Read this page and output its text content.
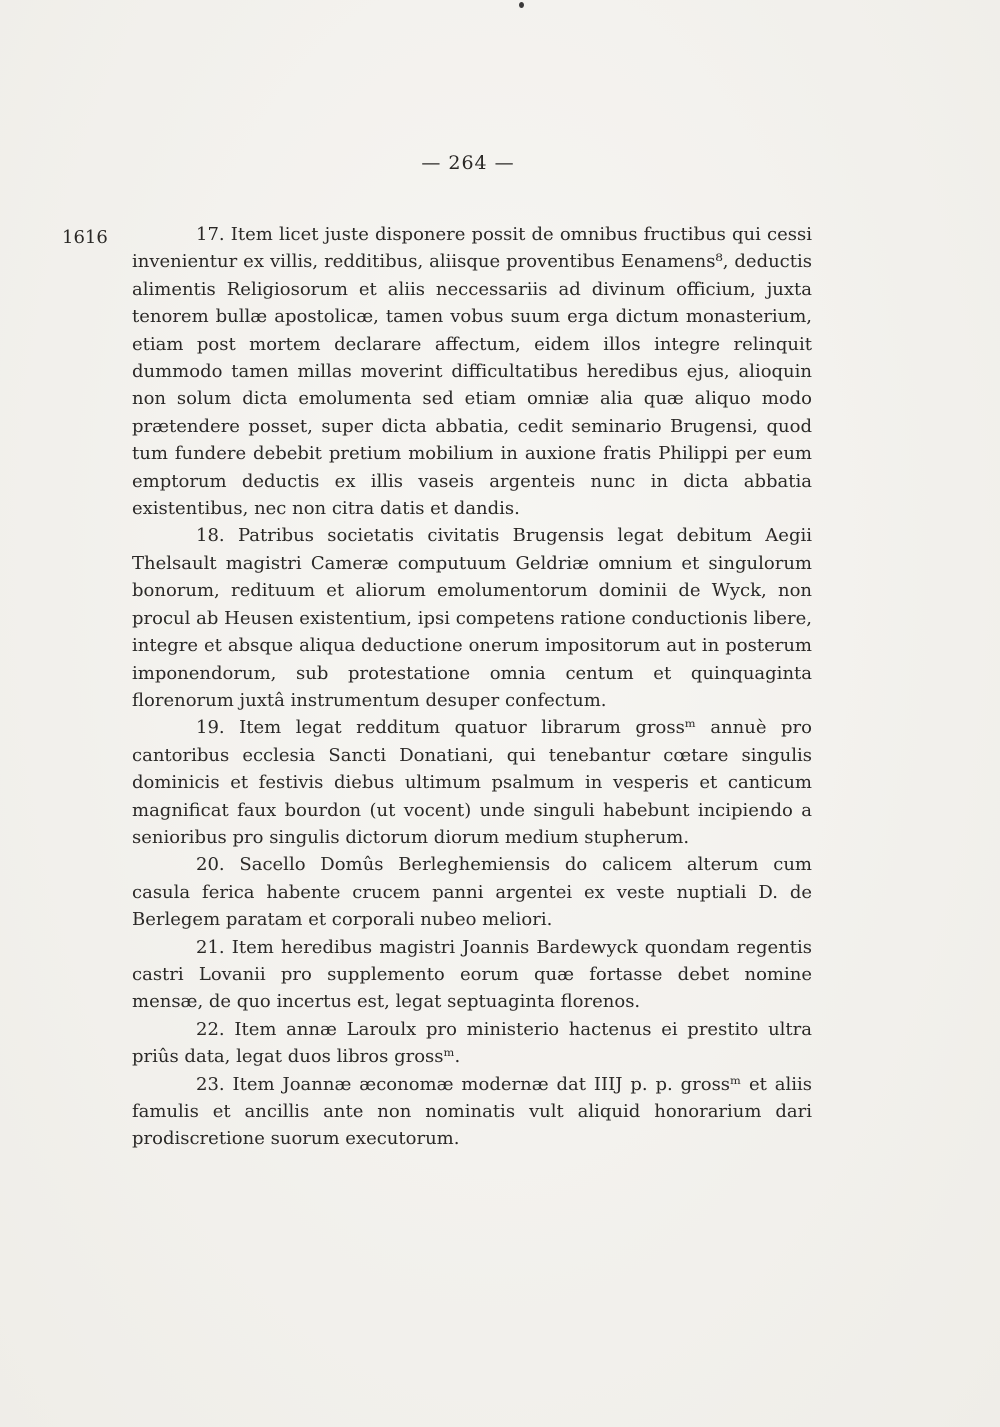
— 264 —
1616	17. Item licet juste disponere possit de omnibus fructibus qui cessi invenientur ex villis, redditibus, aliisque proventibus Eenamens⁸, deductis alimentis Religiosorum et aliis neccessariis ad divinum officium, juxta tenorem bullæ apostolicæ, tamen vobus suum erga dictum monasterium, etiam post mortem declarare affectum, eidem illos integre relinquit dummodo tamen millas moverint difficultatibus heredibus ejus, alioquin non solum dicta emolumenta sed etiam omniæ alia quæ aliquo modo prætendere posset, super dicta abbatia, cedit seminario Brugensi, quod tum fundere debebit pretium mobilium in auxione fratis Philippi per eum emptorum deductis ex illis vaseis argenteis nunc in dicta abbatia existentibus, nec non citra datis et dandis.

18. Patribus societatis civitatis Brugensis legat debitum Aegii Thelsault magistri Cameræ computuum Geldriæ omnium et singulorum bonorum, redituum et aliorum emolumentorum dominii de Wyck, non procul ab Heusen existentium, ipsi competens ratione conductionis libere, integre et absque aliqua deductione onerum impositorum aut in posterum imponendorum, sub protestatione omnia centum et quinquaginta florenorum juxtâ instrumentum desuper confectum.

19. Item legat redditum quatuor librarum grossᵐ annuè pro cantoribus ecclesia Sancti Donatiani, qui tenebantur cœtare singulis dominicis et festivis diebus ultimum psalmum in vesperis et canticum magnificat faux bourdon (ut vocent) unde singuli habebunt incipiendo a senioribus pro singulis dictorum diorum medium stupherum.

20. Sacello Domûs Berleghemiensis do calicem alterum cum casula ferica habente crucem panni argentei ex veste nuptiali D. de Berlegem paratam et corporali nubeo meliori.

21. Item heredibus magistri Joannis Bardewyck quondam regentis castri Lovanii pro supplemento eorum quæ fortasse debet nomine mensæ, de quo incertus est, legat septuaginta florenos.

22. Item annæ Laroulx pro ministerio hactenus ei prestito ultra priûs data, legat duos libros grossᵐ.

23. Item Joannæ æconomæ modernæ dat IIIJ p. p. grossᵐ et aliis famulis et ancillis ante non nominatis vult aliquid honorarium dari prodiscretione suorum executorum.
